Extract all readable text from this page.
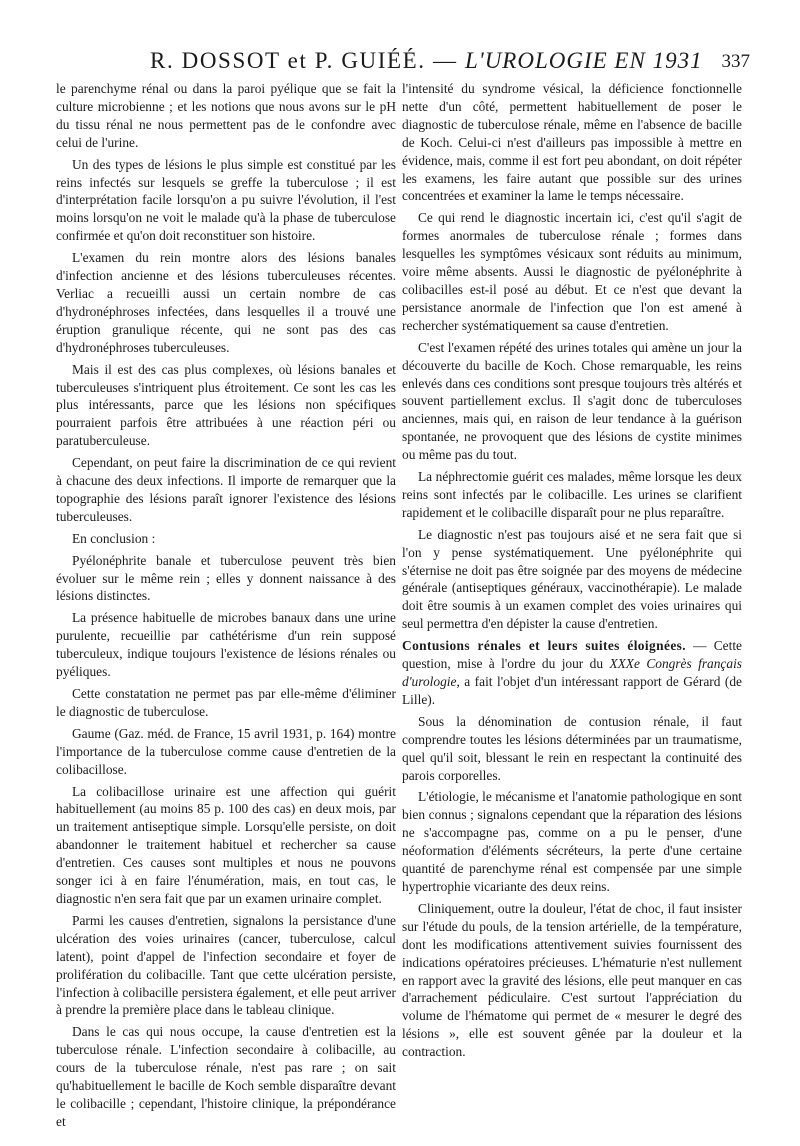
R. DOSSOT et P. GUIÉÉ. — L'UROLOGIE EN 1931 337

le parenchyme rénal ou dans la paroi pyélique que se fait la culture microbienne ; et les notions que nous avons sur le pH du tissu rénal ne nous permettent pas de le confondre avec celui de l'urine.

Un des types de lésions le plus simple est constitué par les reins infectés sur lesquels se greffe la tuberculose ; il est d'interprétation facile lorsqu'on a pu suivre l'évolution, il l'est moins lorsqu'on ne voit le malade qu'à la phase de tuberculose confirmée et qu'on doit reconstituer son histoire.

L'examen du rein montre alors des lésions banales d'infection ancienne et des lésions tuberculeuses récentes. Verliac a recueilli aussi un certain nombre de cas d'hydronéphroses infectées, dans lesquelles il a trouvé une éruption granulique récente, qui ne sont pas des cas d'hydronéphroses tuberculeuses.

Mais il est des cas plus complexes, où lésions banales et tuberculeuses s'intriquent plus étroitement. Ce sont les cas les plus intéressants, parce que les lésions non spécifiques pourraient parfois être attribuées à une réaction péri ou paratuberculeuse.

Cependant, on peut faire la discrimination de ce qui revient à chacune des deux infections. Il importe de remarquer que la topographie des lésions paraît ignorer l'existence des lésions tuberculeuses.

En conclusion :

Pyélonéphrite banale et tuberculose peuvent très bien évoluer sur le même rein ; elles y donnent naissance à des lésions distinctes.

La présence habituelle de microbes banaux dans une urine purulente, recueillie par cathétérisme d'un rein supposé tuberculeux, indique toujours l'existence de lésions rénales ou pyéliques.

Cette constatation ne permet pas par elle-même d'éliminer le diagnostic de tuberculose.

Gaume (Gaz. méd. de France, 15 avril 1931, p. 164) montre l'importance de la tuberculose comme cause d'entretien de la colibacillose.

La colibacillose urinaire est une affection qui guérit habituellement (au moins 85 p. 100 des cas) en deux mois, par un traitement antiseptique simple. Lorsqu'elle persiste, on doit abandonner le traitement habituel et rechercher sa cause d'entretien. Ces causes sont multiples et nous ne pouvons songer ici à en faire l'énumération, mais, en tout cas, le diagnostic n'en sera fait que par un examen urinaire complet.

Parmi les causes d'entretien, signalons la persistance d'une ulcération des voies urinaires (cancer, tuberculose, calcul latent), point d'appel de l'infection secondaire et foyer de prolifération du colibacille. Tant que cette ulcération persiste, l'infection à colibacille persistera également, et elle peut arriver à prendre la première place dans le tableau clinique.

Dans le cas qui nous occupe, la cause d'entretien est la tuberculose rénale. L'infection secondaire à colibacille, au cours de la tuberculose rénale, n'est pas rare ; on sait qu'habituellement le bacille de Koch semble disparaître devant le colibacille ; cependant, l'histoire clinique, la prépondérance et

l'intensité du syndrome vésical, la déficience fonctionnelle nette d'un côté, permettent habituellement de poser le diagnostic de tuberculose rénale, même en l'absence de bacille de Koch. Celui-ci n'est d'ailleurs pas impossible à mettre en évidence, mais, comme il est fort peu abondant, on doit répéter les examens, les faire autant que possible sur des urines concentrées et examiner la lame le temps nécessaire.

Ce qui rend le diagnostic incertain ici, c'est qu'il s'agit de formes anormales de tuberculose rénale ; formes dans lesquelles les symptômes vésicaux sont réduits au minimum, voire même absents. Aussi le diagnostic de pyélonéphrite à colibacilles est-il posé au début. Et ce n'est que devant la persistance anormale de l'infection que l'on est amené à rechercher systématiquement sa cause d'entretien.

C'est l'examen répété des urines totales qui amène un jour la découverte du bacille de Koch. Chose remarquable, les reins enlevés dans ces conditions sont presque toujours très altérés et souvent partiellement exclus. Il s'agit donc de tuberculoses anciennes, mais qui, en raison de leur tendance à la guérison spontanée, ne provoquent que des lésions de cystite minimes ou même pas du tout.

La néphrectomie guérit ces malades, même lorsque les deux reins sont infectés par le colibacille. Les urines se clarifient rapidement et le colibacille disparaît pour ne plus reparaître.

Le diagnostic n'est pas toujours aisé et ne sera fait que si l'on y pense systématiquement. Une pyélonéphrite qui s'éternise ne doit pas être soignée par des moyens de médecine générale (antiseptiques généraux, vaccinothérapie). Le malade doit être soumis à un examen complet des voies urinaires qui seul permettra d'en dépister la cause d'entretien.

Contusions rénales et leurs suites éloignées. — Cette question, mise à l'ordre du jour du XXXe Congrès français d'urologie, a fait l'objet d'un intéressant rapport de Gérard (de Lille).

Sous la dénomination de contusion rénale, il faut comprendre toutes les lésions déterminées par un traumatisme, quel qu'il soit, blessant le rein en respectant la continuité des parois corporelles.

L'étiologie, le mécanisme et l'anatomie pathologique en sont bien connus ; signalons cependant que la réparation des lésions ne s'accompagne pas, comme on a pu le penser, d'une néoformation d'éléments sécréteurs, la perte d'une certaine quantité de parenchyme rénal est compensée par une simple hypertrophie vicariante des deux reins.

Cliniquement, outre la douleur, l'état de choc, il faut insister sur l'étude du pouls, de la tension artérielle, de la température, dont les modifications attentivement suivies fournissent des indications opératoires précieuses. L'hématurie n'est nullement en rapport avec la gravité des lésions, elle peut manquer en cas d'arrachement pédiculaire. C'est surtout l'appréciation du volume de l'hématome qui permet de « mesurer le degré des lésions », elle est souvent gênée par la douleur et la contraction.
